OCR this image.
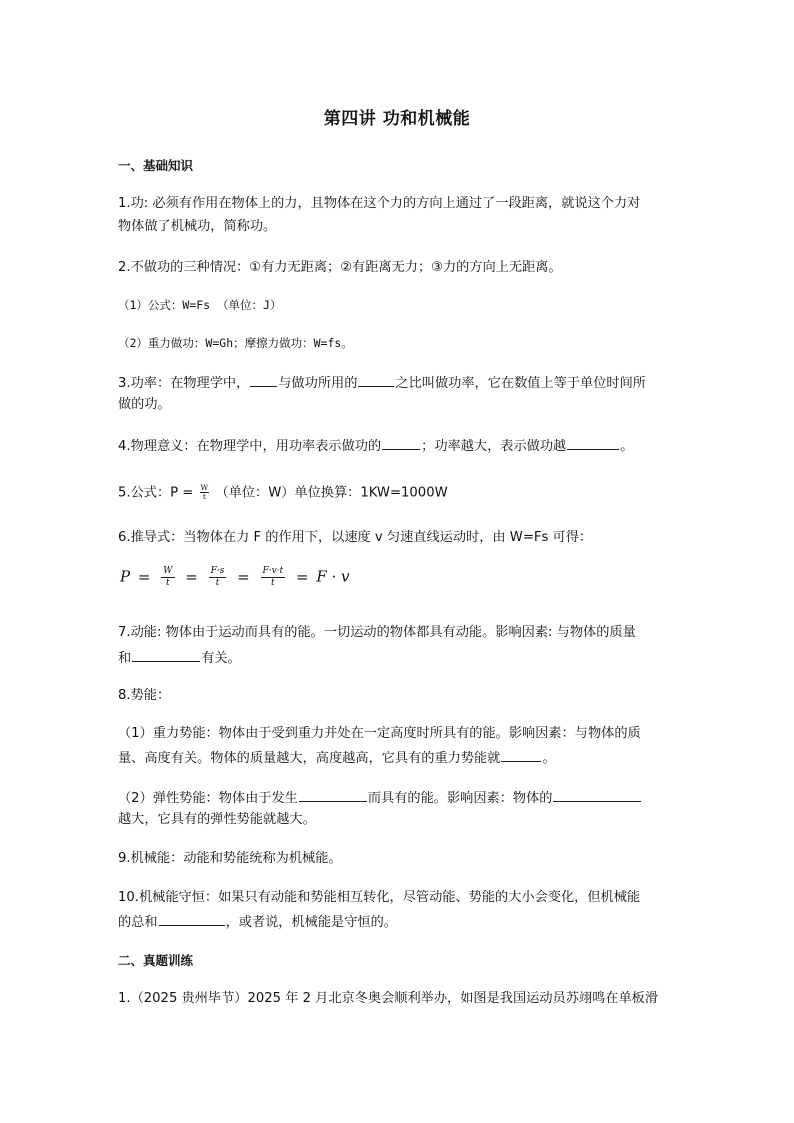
第四讲 功和机械能
一、基础知识
1.功: 必须有作用在物体上的力，且物体在这个力的方向上通过了一段距离，就说这个力对
物体做了机械功，简称功。
2.不做功的三种情况：①有力无距离；②有距离无力；③力的方向上无距离。
（1）公式：W=Fs （单位：J）
（2）重力做功：W=Gh；摩擦力做功：W=fs。
3.功率：在物理学中， 与做功所用的	之比叫做功率，它在数值上等于单位时间所
做的功。
4.物理意义：在物理学中，用功率表示做功的	；功率越大，表示做功越	。
5.公式：$P = \frac{W}{t}$ （单位：W）单位换算：1KW=1000W
6.推导式：当物体在力 F 的作用下，以速度 v 匀速直线运动时，由 W=Fs 可得：
$P = \frac{W}{t} = \frac{F\cdot s}{t} = \frac{F\cdot v\cdot t}{t} = F \cdot v$
7.动能: 物体由于运动而具有的能。一切运动的物体都具有动能。影响因素: 与物体的质量
和	有关。
8.势能：
（1）重力势能：物体由于受到重力并处在一定高度时所具有的能。影响因素：与物体的质
量、高度有关。物体的质量越大，高度越高，它具有的重力势能就	。
（2）弹性势能：物体由于发生	而具有的能。影响因素：物体的
越大，它具有的弹性势能就越大。
9.机械能：动能和势能统称为机械能。
10.机械能守恒：如果只有动能和势能相互转化，尽管动能、势能的大小会变化，但机械能
的总和	，或者说，机械能是守恒的。
二、真题训练
1.（2025 贵州毕节）2025 年 2 月北京冬奥会顺利举办，如图是我国运动员苏翊鸣在单板滑
